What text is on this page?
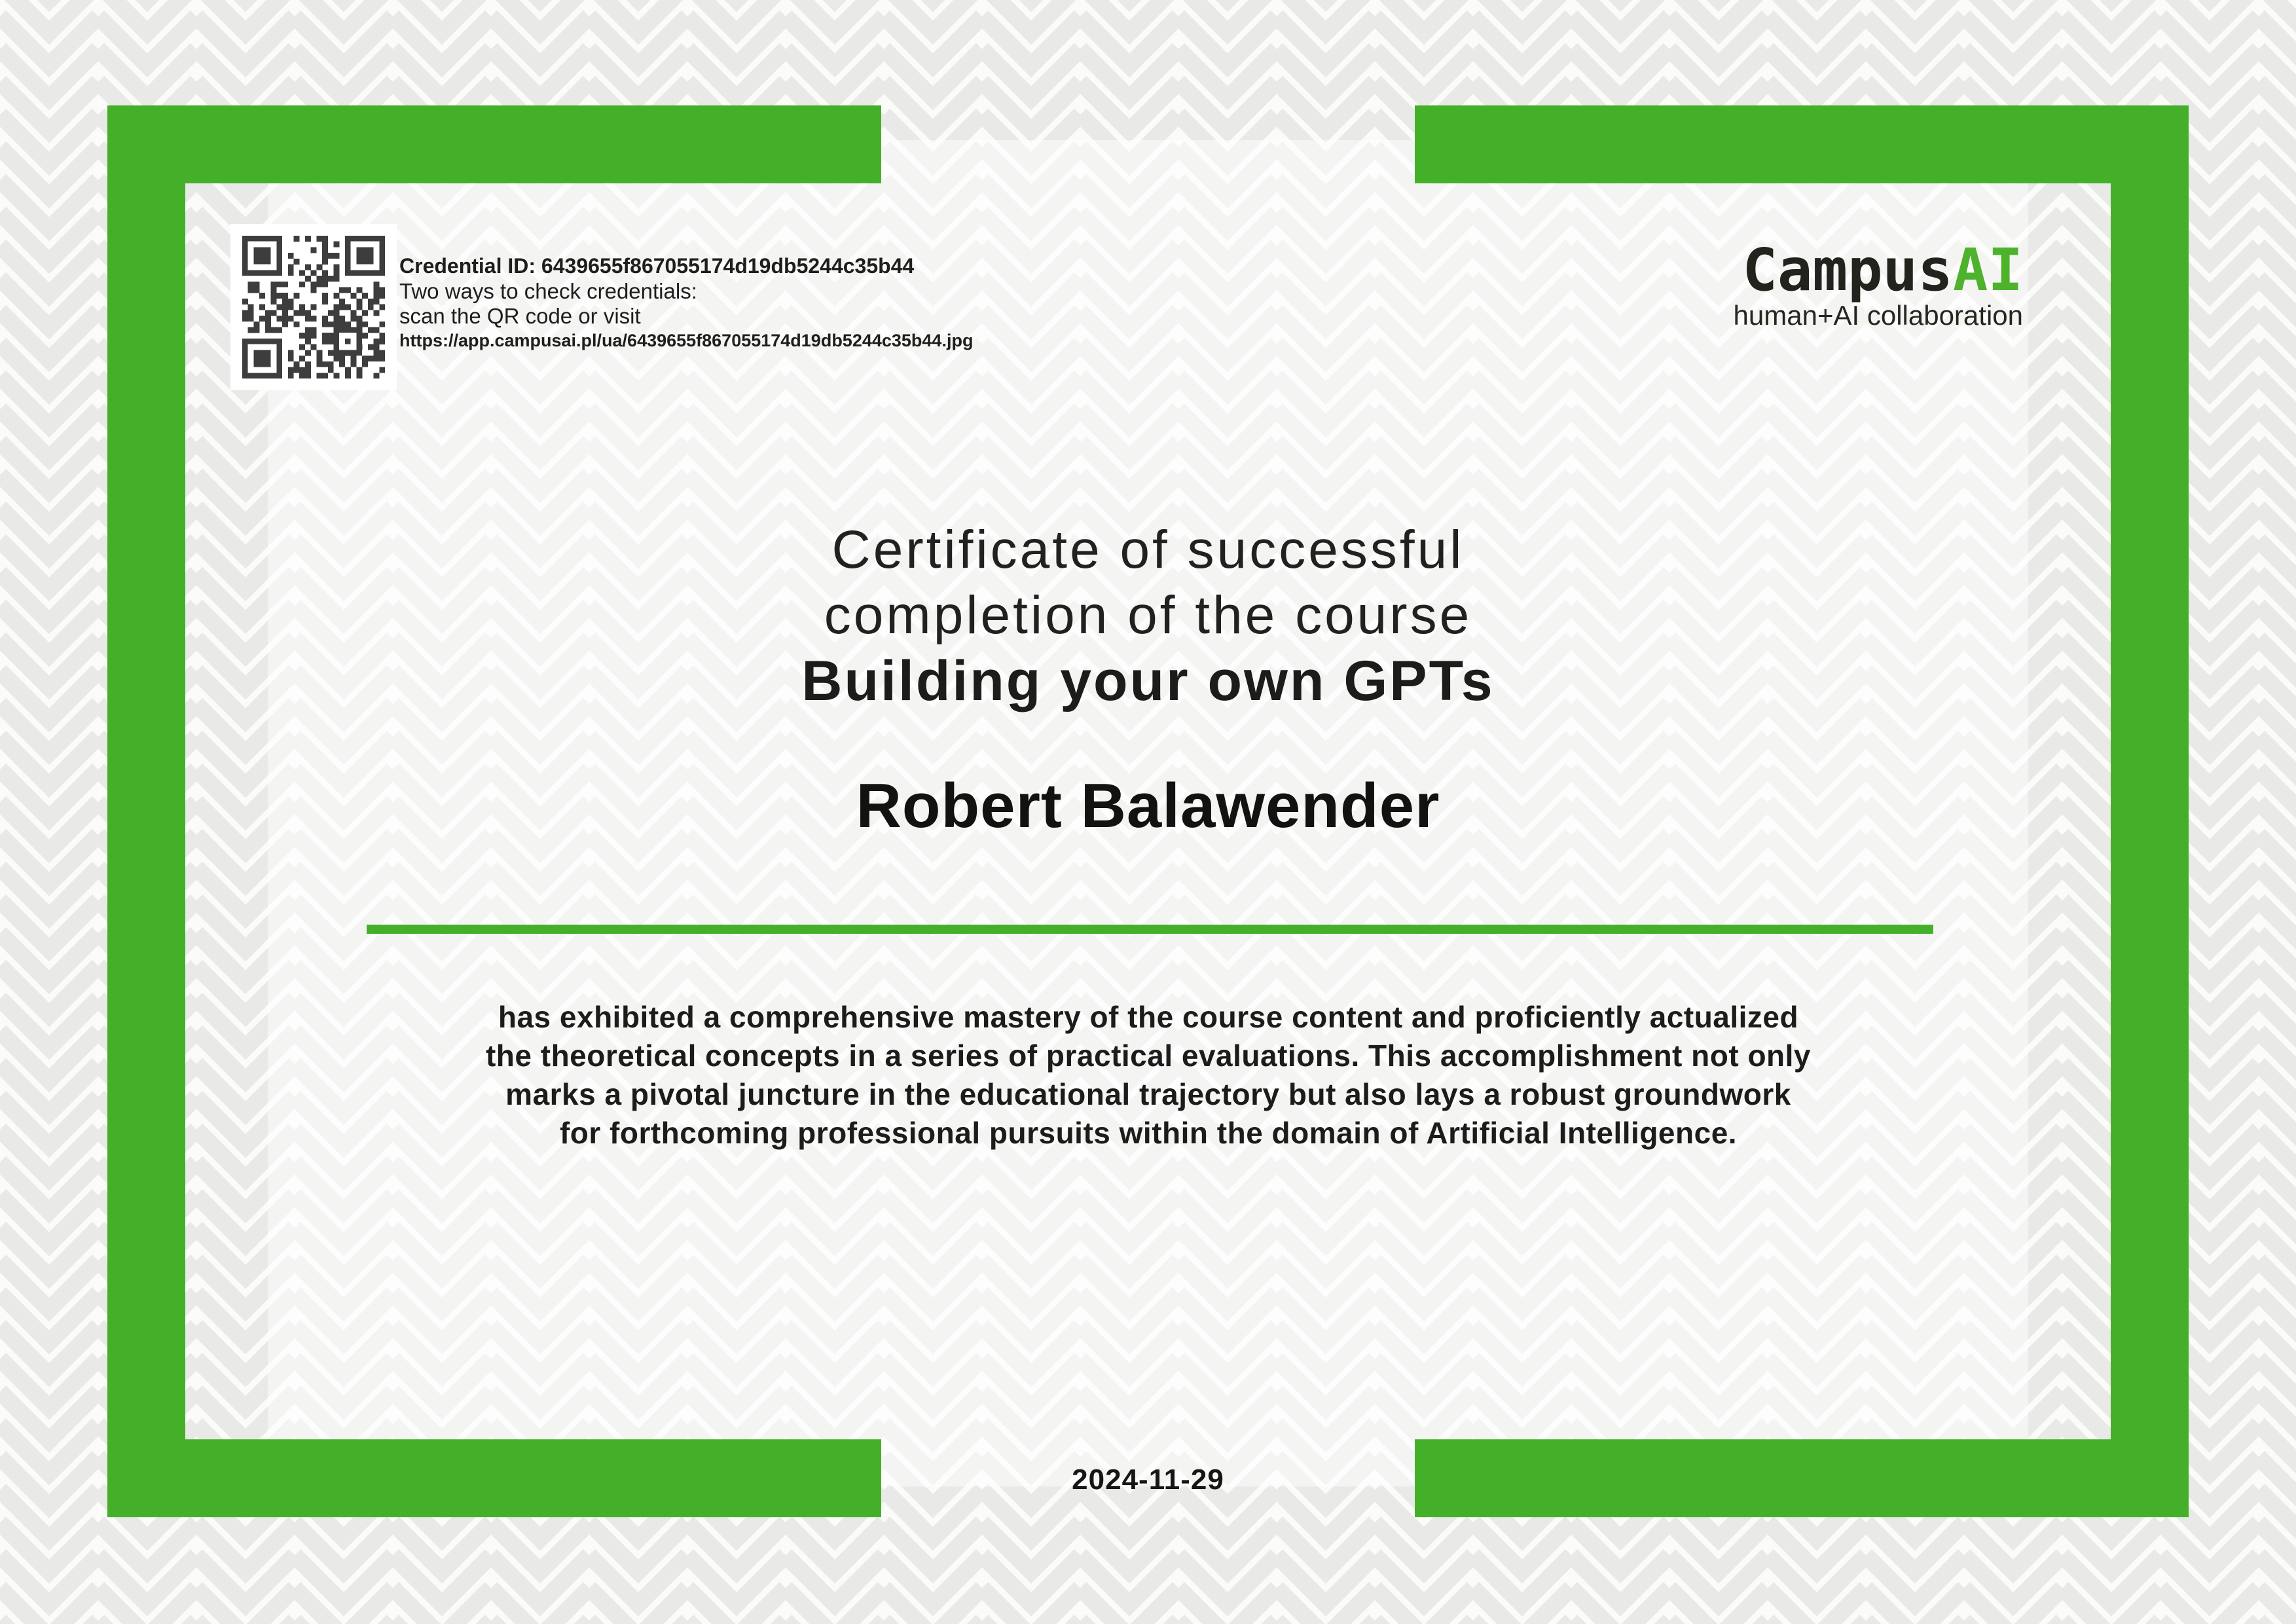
Credential ID: 6439655f867055174d19db5244c35b44
Two ways to check credentials:
scan the QR code or visit
https://app.campusai.pl/ua/6439655f867055174d19db5244c35b44.jpg
CampusAI
human+AI collaboration
Certificate of successful
completion of the course
Building your own GPTs
Robert Balawender
has exhibited a comprehensive mastery of the course content and proficiently actualized
the theoretical concepts in a series of practical evaluations. This accomplishment not only
marks a pivotal juncture in the educational trajectory but also lays a robust groundwork
for forthcoming professional pursuits within the domain of Artificial Intelligence.
2024-11-29
